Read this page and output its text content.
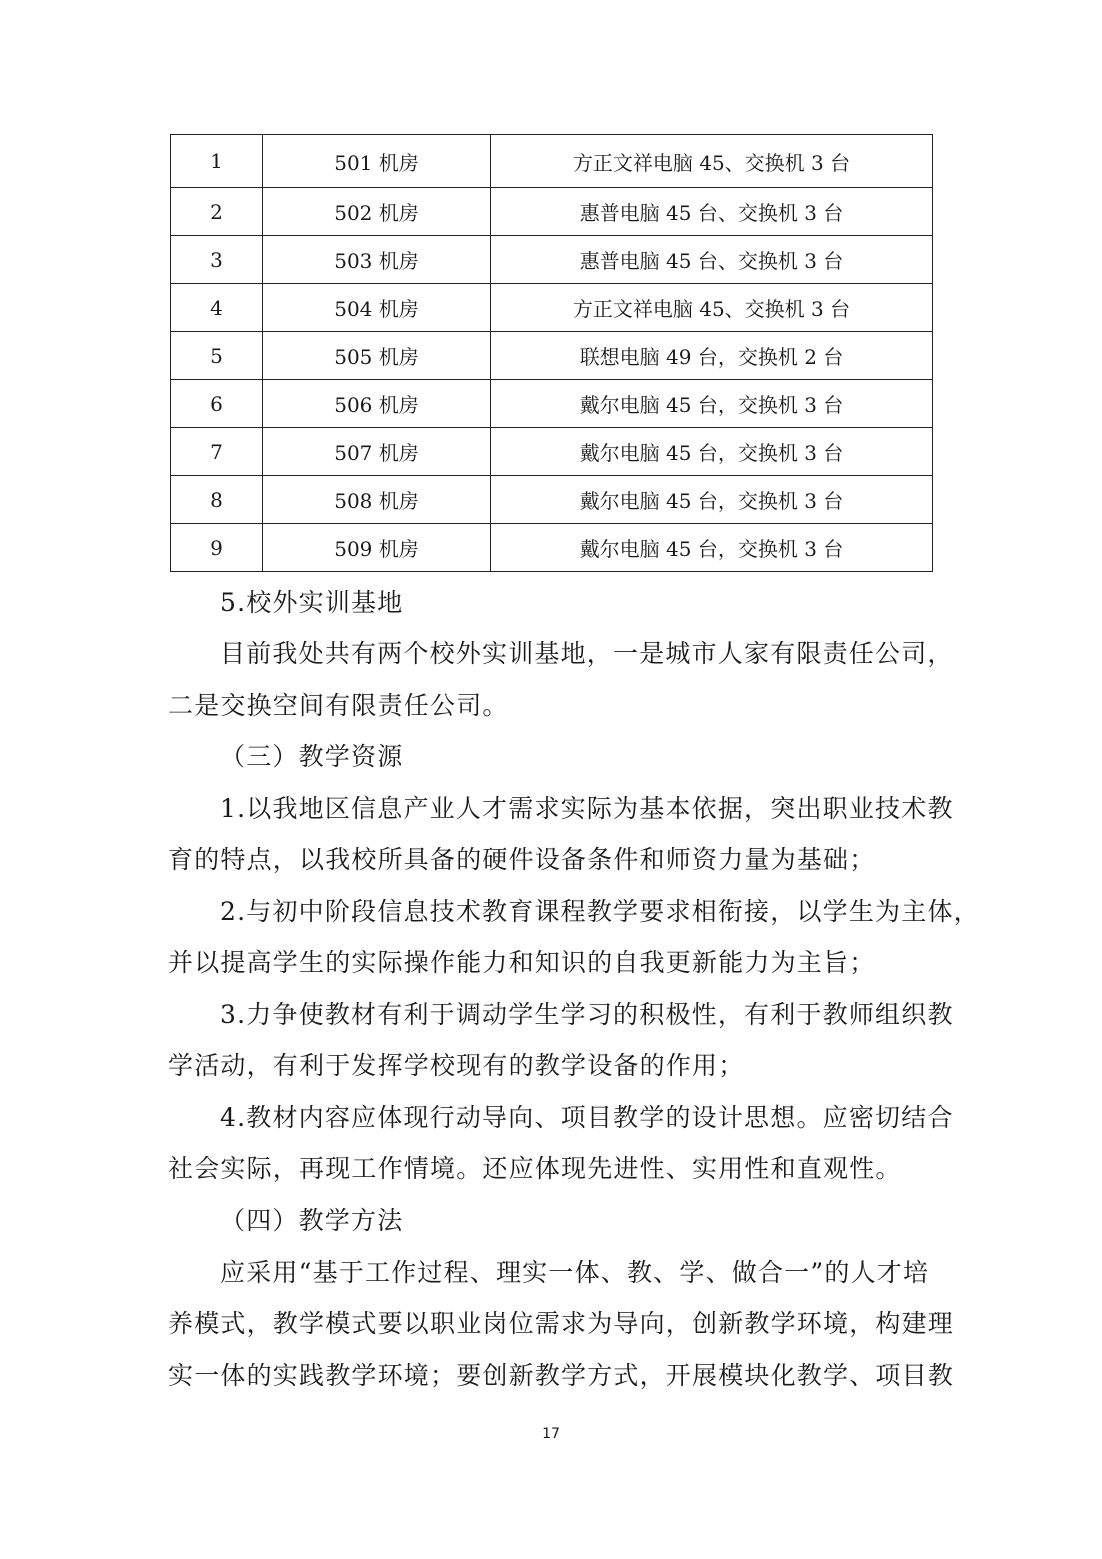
1	501 机房	方正文祥电脑 45、交换机 3 台
2	502 机房	惠普电脑 45 台、交换机 3 台
3	503 机房	惠普电脑 45 台、交换机 3 台
4	504 机房	方正文祥电脑 45、交换机 3 台
5	505 机房	联想电脑 49 台，交换机 2 台
6	506 机房	戴尔电脑 45 台，交换机 3 台
7	507 机房	戴尔电脑 45 台，交换机 3 台
8	508 机房	戴尔电脑 45 台，交换机 3 台
9	509 机房	戴尔电脑 45 台，交换机 3 台
5.校外实训基地
目前我处共有两个校外实训基地，一是城市人家有限责任公司，
二是交换空间有限责任公司。
（三）教学资源
1.以我地区信息产业人才需求实际为基本依据，突出职业技术教
育的特点，以我校所具备的硬件设备条件和师资力量为基础；
2.与初中阶段信息技术教育课程教学要求相衔接，以学生为主体，
并以提高学生的实际操作能力和知识的自我更新能力为主旨；
3.力争使教材有利于调动学生学习的积极性，有利于教师组织教
学活动，有利于发挥学校现有的教学设备的作用；
4.教材内容应体现行动导向、项目教学的设计思想。应密切结合
社会实际，再现工作情境。还应体现先进性、实用性和直观性。
（四）教学方法
应采用“基于工作过程、理实一体、教、学、做合一”的人才培
养模式，教学模式要以职业岗位需求为导向，创新教学环境，构建理
实一体的实践教学环境；要创新教学方式，开展模块化教学、项目教
17
